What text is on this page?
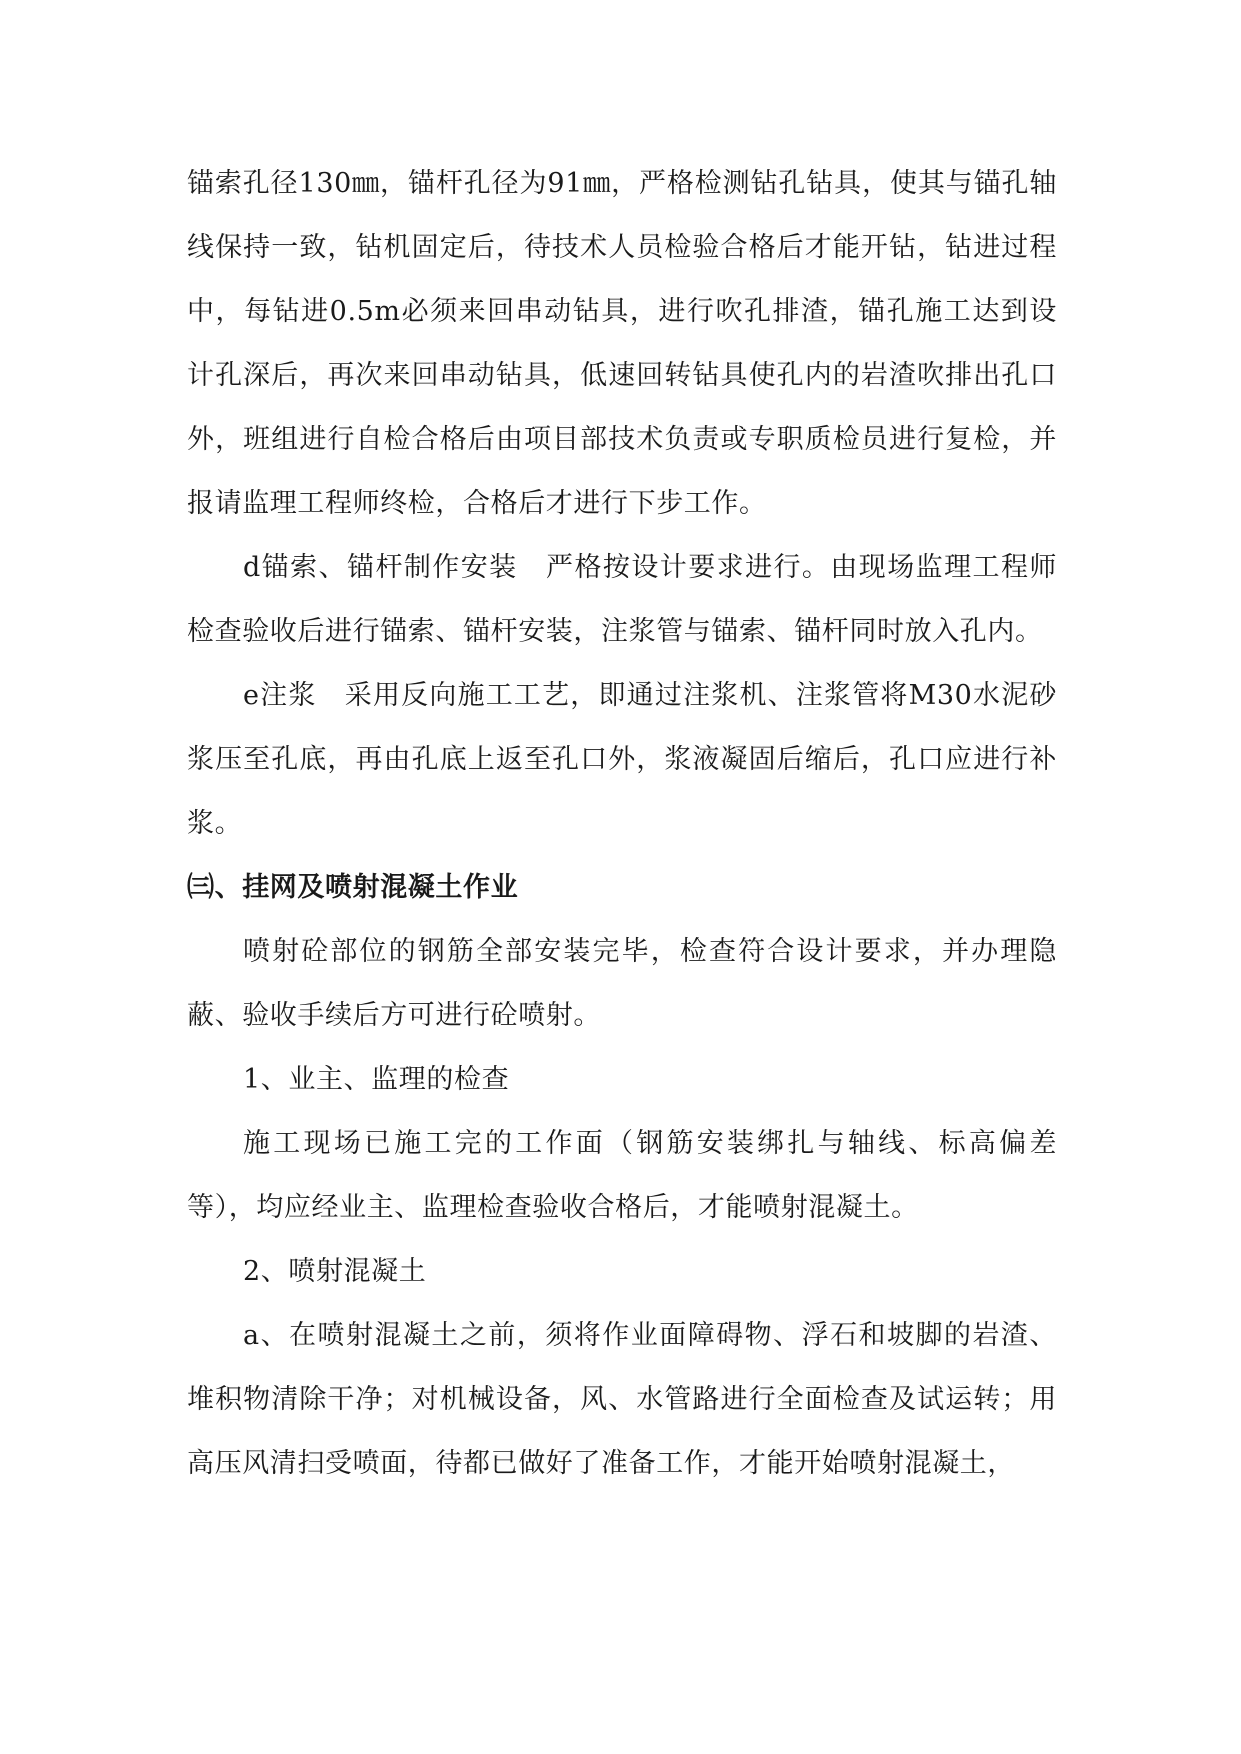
锚索孔径130㎜，锚杆孔径为91㎜，严格检测钻孔钻具，使其与锚孔轴线保持一致，钻机固定后，待技术人员检验合格后才能开钻，钻进过程中，每钻进0.5m必须来回串动钻具，进行吹孔排渣，锚孔施工达到设计孔深后，再次来回串动钻具，低速回转钻具使孔内的岩渣吹排出孔口外，班组进行自检合格后由项目部技术负责或专职质检员进行复检，并报请监理工程师终检，合格后才进行下步工作。

d锚索、锚杆制作安装　严格按设计要求进行。由现场监理工程师检查验收后进行锚索、锚杆安装，注浆管与锚索、锚杆同时放入孔内。

e注浆　采用反向施工工艺，即通过注浆机、注浆管将M30水泥砂浆压至孔底，再由孔底上返至孔口外，浆液凝固后缩后，孔口应进行补浆。

㈢、挂网及喷射混凝土作业

喷射砼部位的钢筋全部安装完毕，检查符合设计要求，并办理隐蔽、验收手续后方可进行砼喷射。

1、业主、监理的检查

施工现场已施工完的工作面（钢筋安装绑扎与轴线、标高偏差等），均应经业主、监理检查验收合格后，才能喷射混凝土。

2、喷射混凝土

a、在喷射混凝土之前，须将作业面障碍物、浮石和坡脚的岩渣、堆积物清除干净；对机械设备，风、水管路进行全面检查及试运转；用高压风清扫受喷面，待都已做好了准备工作，才能开始喷射混凝土，
